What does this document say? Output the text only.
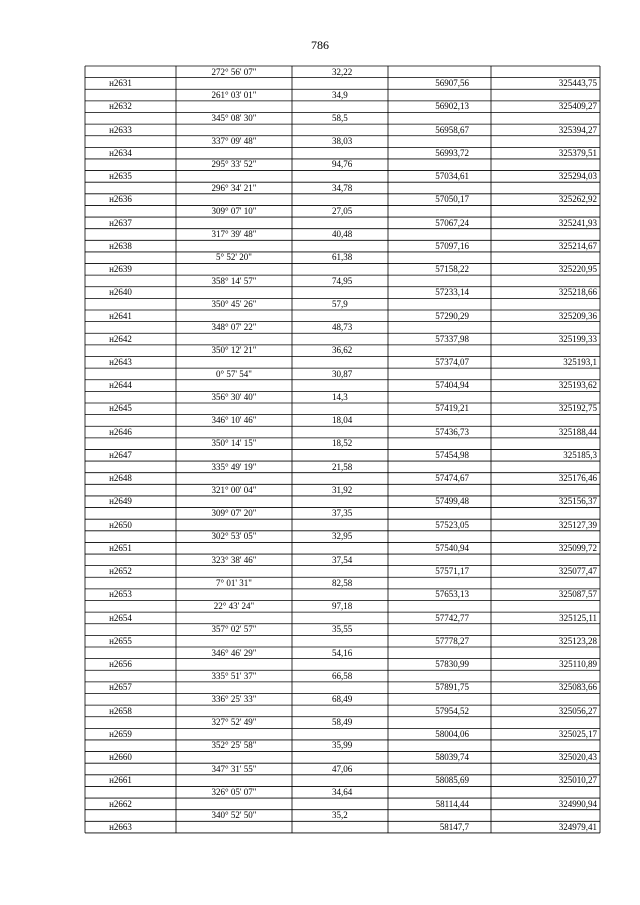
786
272° 56' 07"	32,22
н2631	56907,56	325443,75
261° 03' 01"	34,9
н2632	56902,13	325409,27
345° 08' 30"	58,5
н2633	56958,67	325394,27
337° 09' 48"	38,03
н2634	56993,72	325379,51
295° 33' 52"	94,76
н2635	57034,61	325294,03
296° 34' 21"	34,78
н2636	57050,17	325262,92
309° 07' 10"	27,05
н2637	57067,24	325241,93
317° 39' 48"	40,48
н2638	57097,16	325214,67
5° 52' 20"	61,38
н2639	57158,22	325220,95
358° 14' 57"	74,95
н2640	57233,14	325218,66
350° 45' 26"	57,9
н2641	57290,29	325209,36
348° 07' 22"	48,73
н2642	57337,98	325199,33
350° 12' 21"	36,62
н2643	57374,07	325193,1
0° 57' 54"	30,87
н2644	57404,94	325193,62
356° 30' 40"	14,3
н2645	57419,21	325192,75
346° 10' 46"	18,04
н2646	57436,73	325188,44
350° 14' 15"	18,52
н2647	57454,98	325185,3
335° 49' 19"	21,58
н2648	57474,67	325176,46
321° 00' 04"	31,92
н2649	57499,48	325156,37
309° 07' 20"	37,35
н2650	57523,05	325127,39
302° 53' 05"	32,95
н2651	57540,94	325099,72
323° 38' 46"	37,54
н2652	57571,17	325077,47
7° 01' 31"	82,58
н2653	57653,13	325087,57
22° 43' 24"	97,18
н2654	57742,77	325125,11
357° 02' 57"	35,55
н2655	57778,27	325123,28
346° 46' 29"	54,16
н2656	57830,99	325110,89
335° 51' 37"	66,58
н2657	57891,75	325083,66
336° 25' 33"	68,49
н2658	57954,52	325056,27
327° 52' 49"	58,49
н2659	58004,06	325025,17
352° 25' 58"	35,99
н2660	58039,74	325020,43
347° 31' 55"	47,06
н2661	58085,69	325010,27
326° 05' 07"	34,64
н2662	58114,44	324990,94
340° 52' 50"	35,2
н2663	58147,7	324979,41
